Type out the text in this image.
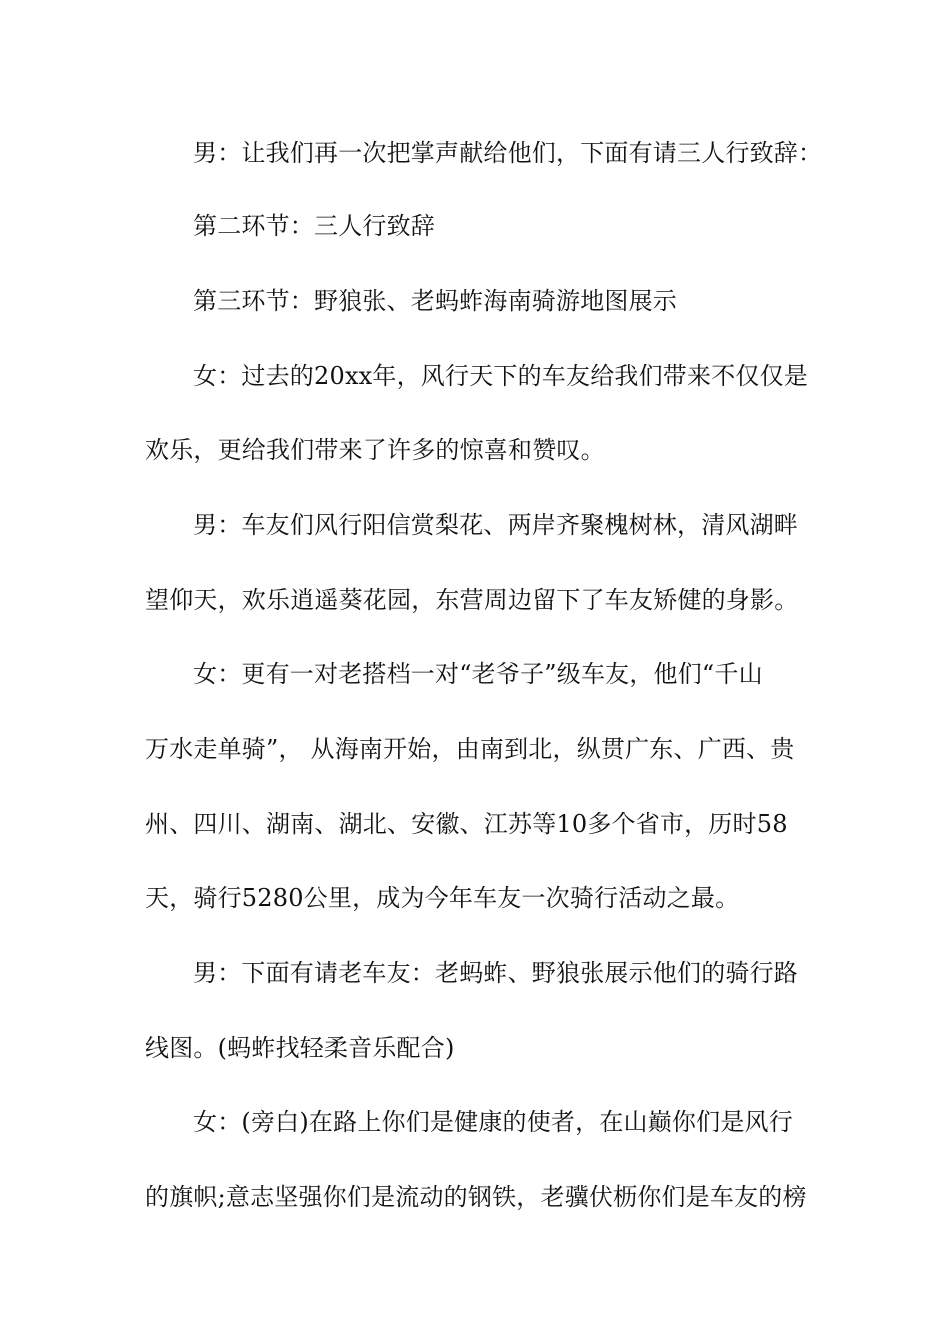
男：让我们再一次把掌声献给他们，下面有请三人行致辞：
第二环节：三人行致辞
第三环节：野狼张、老蚂蚱海南骑游地图展示
女：过去的20xx年，风行天下的车友给我们带来不仅仅是
欢乐，更给我们带来了许多的惊喜和赞叹。
男：车友们风行阳信赏梨花、两岸齐聚槐树林，清风湖畔
望仰天，欢乐逍遥葵花园，东营周边留下了车友矫健的身影。
女：更有一对老搭档一对“老爷子”级车友，他们“千山
万水走单骑”， 从海南开始，由南到北，纵贯广东、广西、贵
州、四川、湖南、湖北、安徽、江苏等10多个省市，历时58
天，骑行5280公里，成为今年车友一次骑行活动之最。
男：下面有请老车友：老蚂蚱、野狼张展示他们的骑行路
线图。(蚂蚱找轻柔音乐配合)
女：(旁白)在路上你们是健康的使者，在山巅你们是风行
的旗帜;意志坚强你们是流动的钢铁，老骥伏枥你们是车友的榜
